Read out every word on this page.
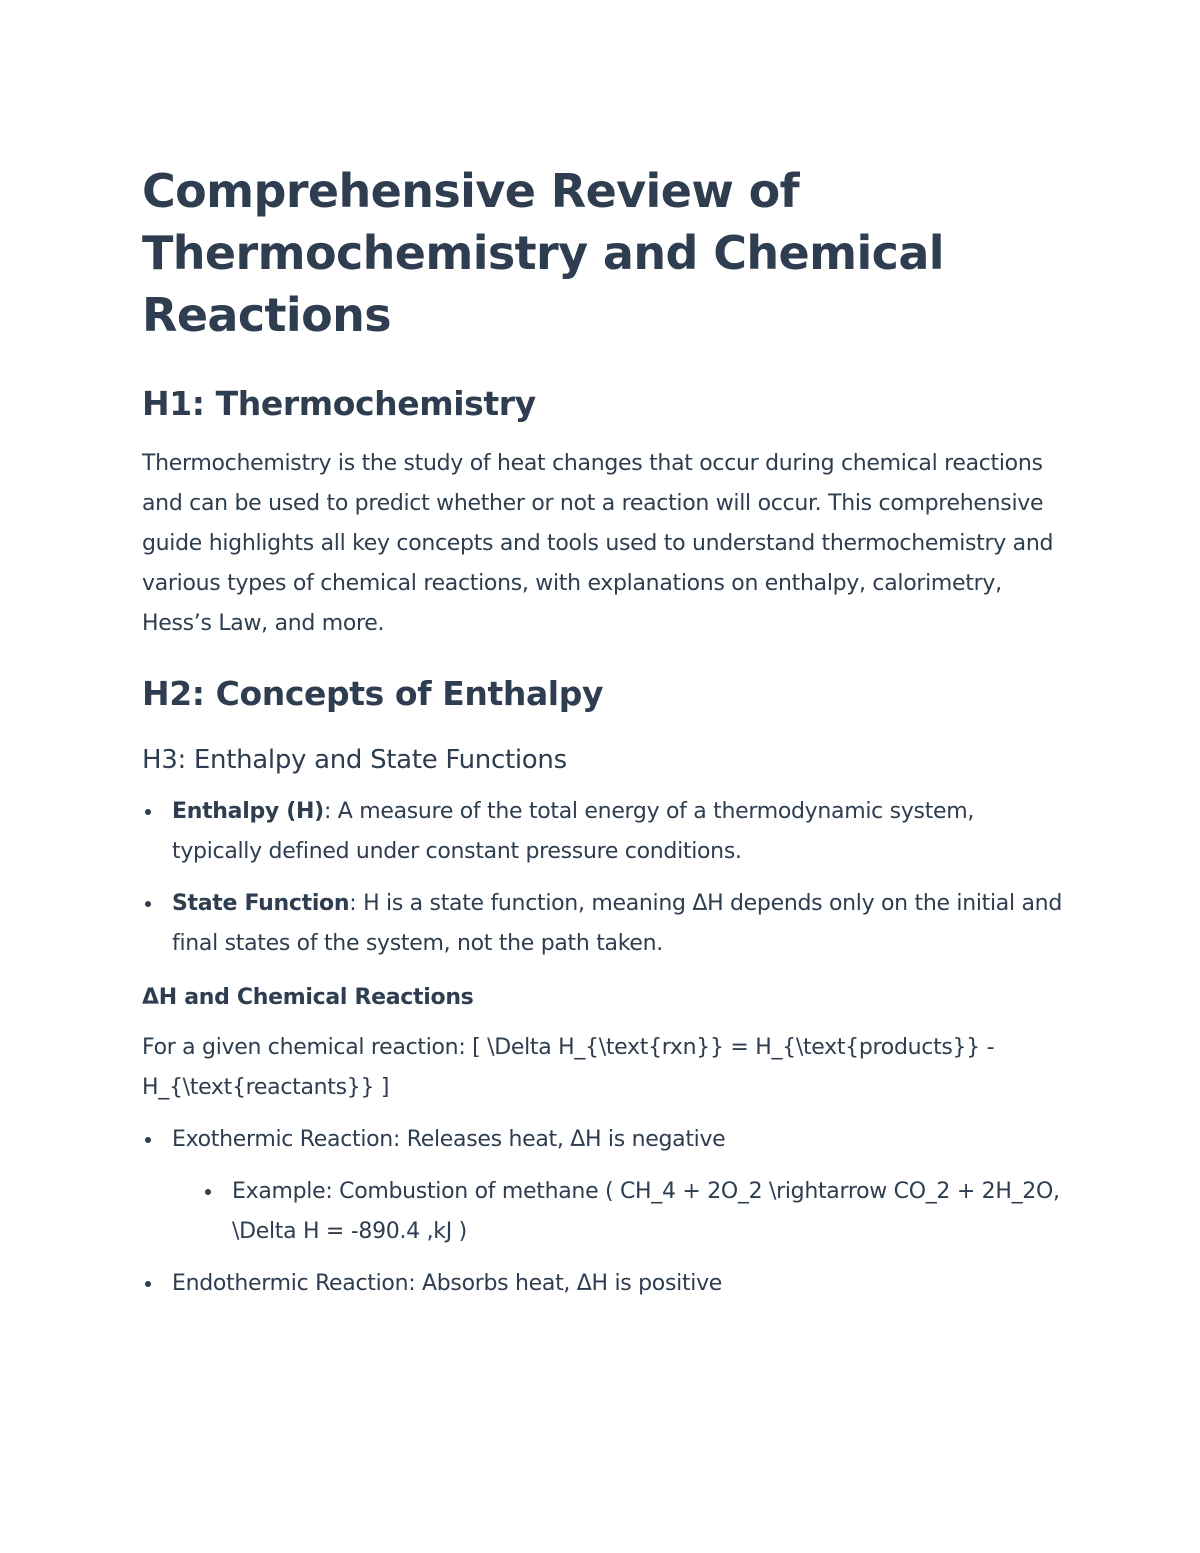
Comprehensive Review of Thermochemistry and Chemical Reactions
H1: Thermochemistry

Thermochemistry is the study of heat changes that occur during chemical reactions and can be used to predict whether or not a reaction will occur. This comprehensive guide highlights all key concepts and tools used to understand thermochemistry and various types of chemical reactions, with explanations on enthalpy, calorimetry, Hess’s Law, and more.

H2: Concepts of Enthalpy
H3: Enthalpy and State Functions
Enthalpy (H): A measure of the total energy of a thermodynamic system, typically defined under constant pressure conditions.
State Function: H is a state function, meaning ΔH depends only on the initial and final states of the system, not the path taken.
ΔH and Chemical Reactions

For a given chemical reaction: [ \Delta H_{\text{rxn}} = H_{\text{products}} - H_{\text{reactants}} ]

Exothermic Reaction: Releases heat, ΔH is negative
Example: Combustion of methane ( CH_4 + 2O_2 \rightarrow CO_2 + 2H_2O, \Delta H = -890.4 ,kJ )
Endothermic Reaction: Absorbs heat, ΔH is positive
